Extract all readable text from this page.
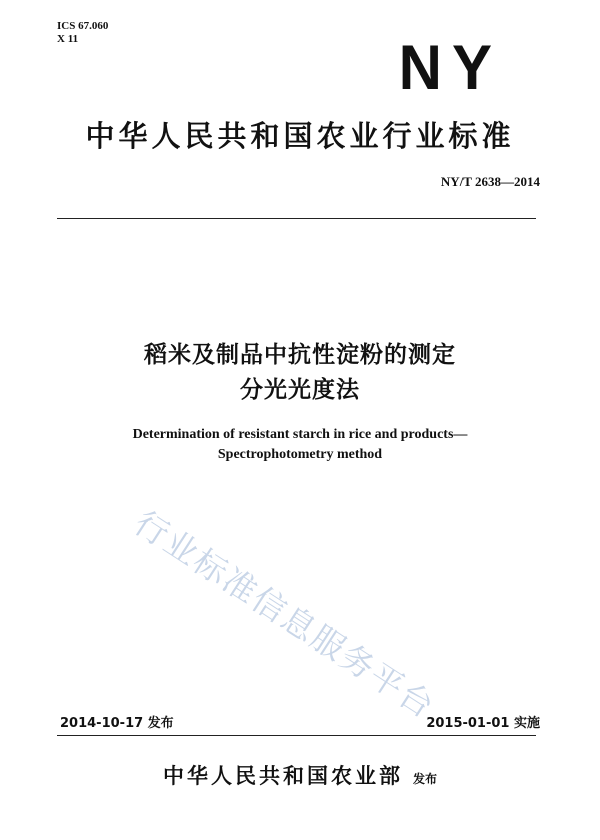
ICS 67.060
X 11	NY
中华人民共和国农业行业标准
NY/T 2638—2014
稻米及制品中抗性淀粉的测定
分光光度法
Determination of resistant starch in rice and products—
Spectrophotometry method
行业标准信息服务平台
2014-10-17 发布	2015-01-01 实施
中华人民共和国农业部 发布
